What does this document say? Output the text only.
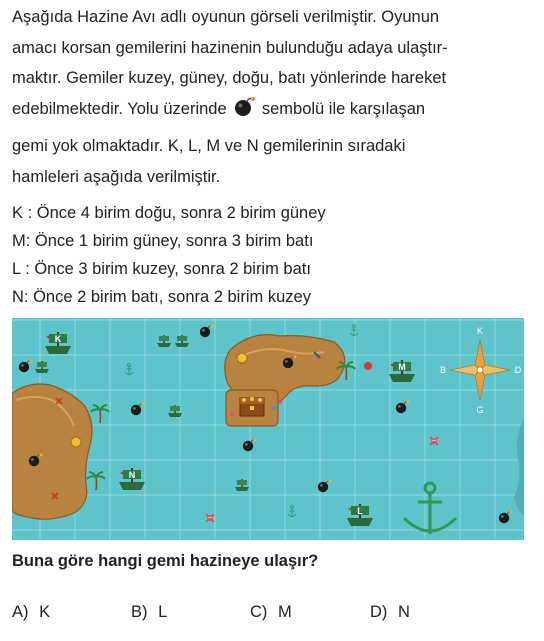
Aşağıda Hazine Avı adlı oyunun görseli verilmiştir. Oyunun
amacı korsan gemilerini hazinenin bulunduğu adaya ulaştır-
maktır. Gemiler kuzey, güney, doğu, batı yönlerinde hareket
edebilmektedir. Yolu üzerinde sembolü ile karşılaşan
gemi yok olmaktadır. K, L, M ve N gemilerinin sıradaki
hamleleri aşağıda verilmiştir.
K : Önce 4 birim doğu, sonra 2 birim güney
M: Önce 1 birim güney, sonra 3 birim batı
L : Önce 3 birim kuzey, sonra 2 birim batı
N: Önce 2 birim batı, sonra 2 birim kuzey
K
M
N
L
K
G
D
B
Buna göre hangi gemi hazineye ulaşır?
A) K	B) L	C) M	D) N
